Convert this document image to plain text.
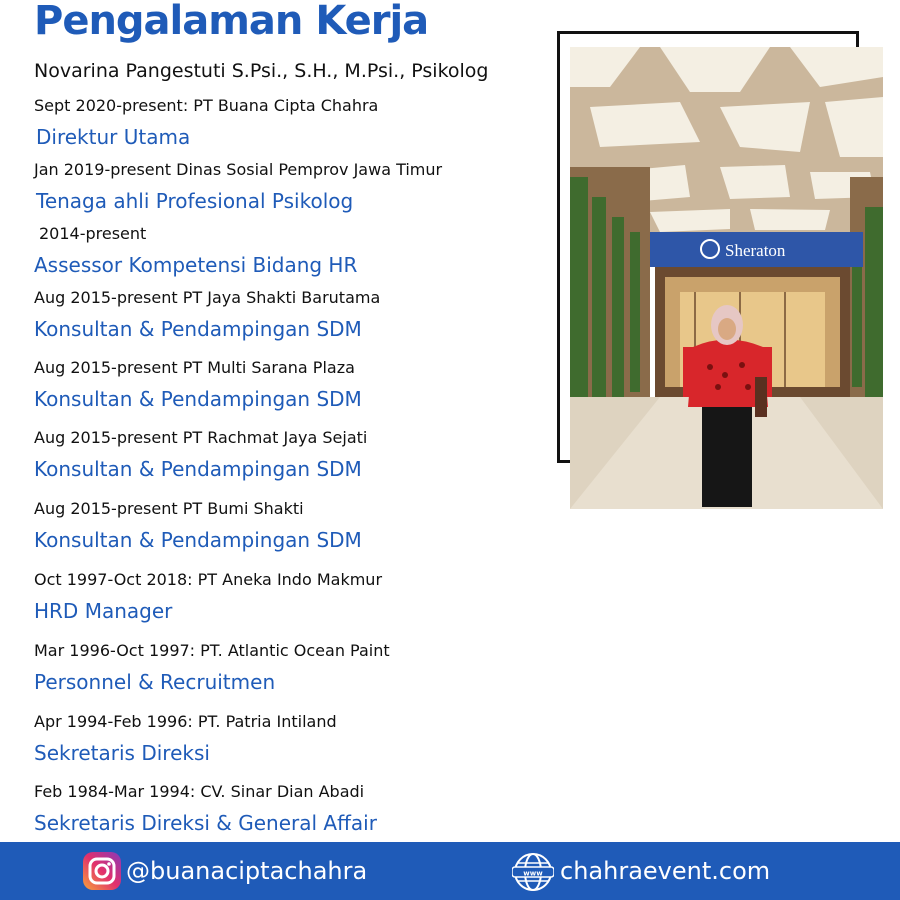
Pengalaman Kerja
Novarina Pangestuti S.Psi., S.H., M.Psi., Psikolog
Sept 2020-present: PT Buana Cipta Chahra
Direktur Utama
Jan 2019-present Dinas Sosial Pemprov Jawa Timur
Tenaga ahli Profesional Psikolog
2014-present
Assessor Kompetensi Bidang HR
Aug 2015-present PT Jaya Shakti Barutama
Konsultan & Pendampingan SDM
Aug 2015-present PT Multi Sarana Plaza
Konsultan & Pendampingan SDM
Aug 2015-present PT Rachmat Jaya Sejati
Konsultan & Pendampingan SDM
Aug 2015-present PT Bumi Shakti
Konsultan & Pendampingan SDM
Oct 1997-Oct 2018: PT Aneka Indo Makmur
HRD Manager
Mar 1996-Oct 1997: PT. Atlantic Ocean Paint
Personnel & Recruitmen
Apr 1994-Feb 1996: PT. Patria Intiland
Sekretaris Direksi
Feb 1984-Mar 1994: CV. Sinar Dian Abadi
Sekretaris Direksi & General Affair
Sheraton
@buanaciptachahra	www chahraevent.com
